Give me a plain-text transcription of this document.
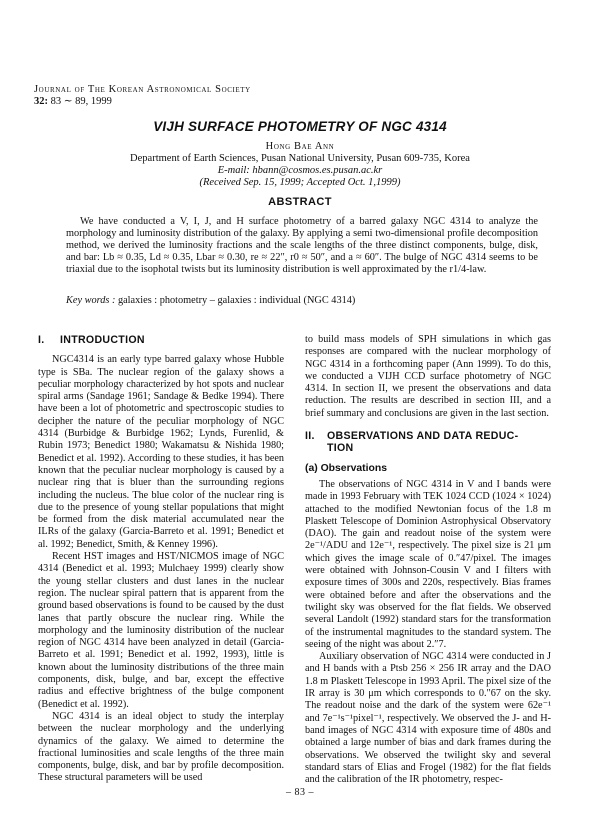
Journal of The Korean Astronomical Society
32: 83 ∼ 89, 1999
VIJH SURFACE PHOTOMETRY OF NGC 4314
Hong Bae Ann
Department of Earth Sciences, Pusan National University, Pusan 609-735, Korea
E-mail: hbann@cosmos.es.pusan.ac.kr
(Received Sep. 15, 1999; Accepted Oct. 1,1999)
ABSTRACT

We have conducted a V, I, J, and H surface photometry of a barred galaxy NGC 4314 to analyze the morphology and luminosity distribution of the galaxy. By applying a semi two-dimensional profile decomposition method, we derived the luminosity fractions and the scale lengths of the three distinct components, bulge, disk, and bar: Lb ≈ 0.35, Ld ≈ 0.35, Lbar ≈ 0.30, re ≈ 22″, r0 ≈ 50″, and a ≈ 60″. The bulge of NGC 4314 seems to be triaxial due to the isophotal twists but its luminosity distribution is well approximated by the r1/4-law.

Key words : galaxies : photometry – galaxies : individual (NGC 4314)
I. INTRODUCTION

NGC4314 is an early type barred galaxy whose Hubble type is SBa. The nuclear region of the galaxy shows a peculiar morphology characterized by hot spots and nuclear spiral arms (Sandage 1961; Sandage & Bedke 1994). There have been a lot of photometric and spectroscopic studies to decipher the nature of the peculiar morphology of NGC 4314 (Burbidge & Burbidge 1962; Lynds, Furenlid, & Rubin 1973; Benedict 1980; Wakamatsu & Nishida 1980; Benedict et al. 1992). According to these studies, it has been known that the peculiar nuclear morphology is caused by a nuclear ring that is bluer than the surrounding regions including the nucleus. The blue color of the nuclear ring is due to the presence of young stellar populations that might be formed from the disk material accumulated near the ILRs of the galaxy (Garcia-Barreto et al. 1991; Benedict et al. 1992; Benedict, Smith, & Kenney 1996).

Recent HST images and HST/NICMOS image of NGC 4314 (Benedict et al. 1993; Mulchaey 1999) clearly show the young stellar clusters and dust lanes in the nuclear region. The nuclear spiral pattern that is apparent from the ground based observations is found to be caused by the dust lanes that partly obscure the nuclear ring. While the morphology and the luminosity distribution of the nuclear region of NGC 4314 have been analyzed in detail (Garcia-Barreto et al. 1991; Benedict et al. 1992, 1993), little is known about the luminosity distributions of the three main components, disk, bulge, and bar, except the effective radius and effective brightness of the bulge component (Benedict et al. 1992).

NGC 4314 is an ideal object to study the interplay between the nuclear morphology and the underlying dynamics of the galaxy. We aimed to determine the fractional luminosities and scale lengths of the three main components, bulge, disk, and bar by profile decomposition. These structural parameters will be used

to build mass models of SPH simulations in which gas responses are compared with the nuclear morphology of NGC 4314 in a forthcoming paper (Ann 1999). To do this, we conducted a VIJH CCD surface photometry of NGC 4314. In section II, we present the observations and data reduction. The results are described in section III, and a brief summary and conclusions are given in the last section.

II. OBSERVATIONS AND DATA REDUC-
TION
(a) Observations

The observations of NGC 4314 in V and I bands were made in 1993 February with TEK 1024 CCD (1024 × 1024) attached to the modified Newtonian focus of the 1.8 m Plaskett Telescope of Dominion Astrophysical Observatory (DAO). The gain and readout noise of the system were 2e⁻¹/ADU and 12e⁻¹, respectively. The pixel size is 21 μm which gives the image scale of 0.″47/pixel. The images were obtained with Johnson-Cousin V and I filters with exposure times of 300s and 220s, respectively. Bias frames were obtained before and after the observations and the twilight sky was observed for the flat fields. We observed several Landolt (1992) standard stars for the transformation of the instrumental magnitudes to the standard system. The seeing of the night was about 2.″7.

Auxiliary observation of NGC 4314 were conducted in J and H bands with a Ptsb 256 × 256 IR array and the DAO 1.8 m Plaskett Telescope in 1993 April. The pixel size of the IR array is 30 μm which corresponds to 0.″67 on the sky. The readout noise and the dark of the system were 62e⁻¹ and 7e⁻¹s⁻¹pixel⁻¹, respectively. We observed the J- and H- band images of NGC 4314 with exposure time of 480s and obtained a large number of bias and dark frames during the observations. We observed the twilight sky and several standard stars of Elias and Frogel (1982) for the flat fields and the calibration of the IR photometry, respec-

– 83 –
